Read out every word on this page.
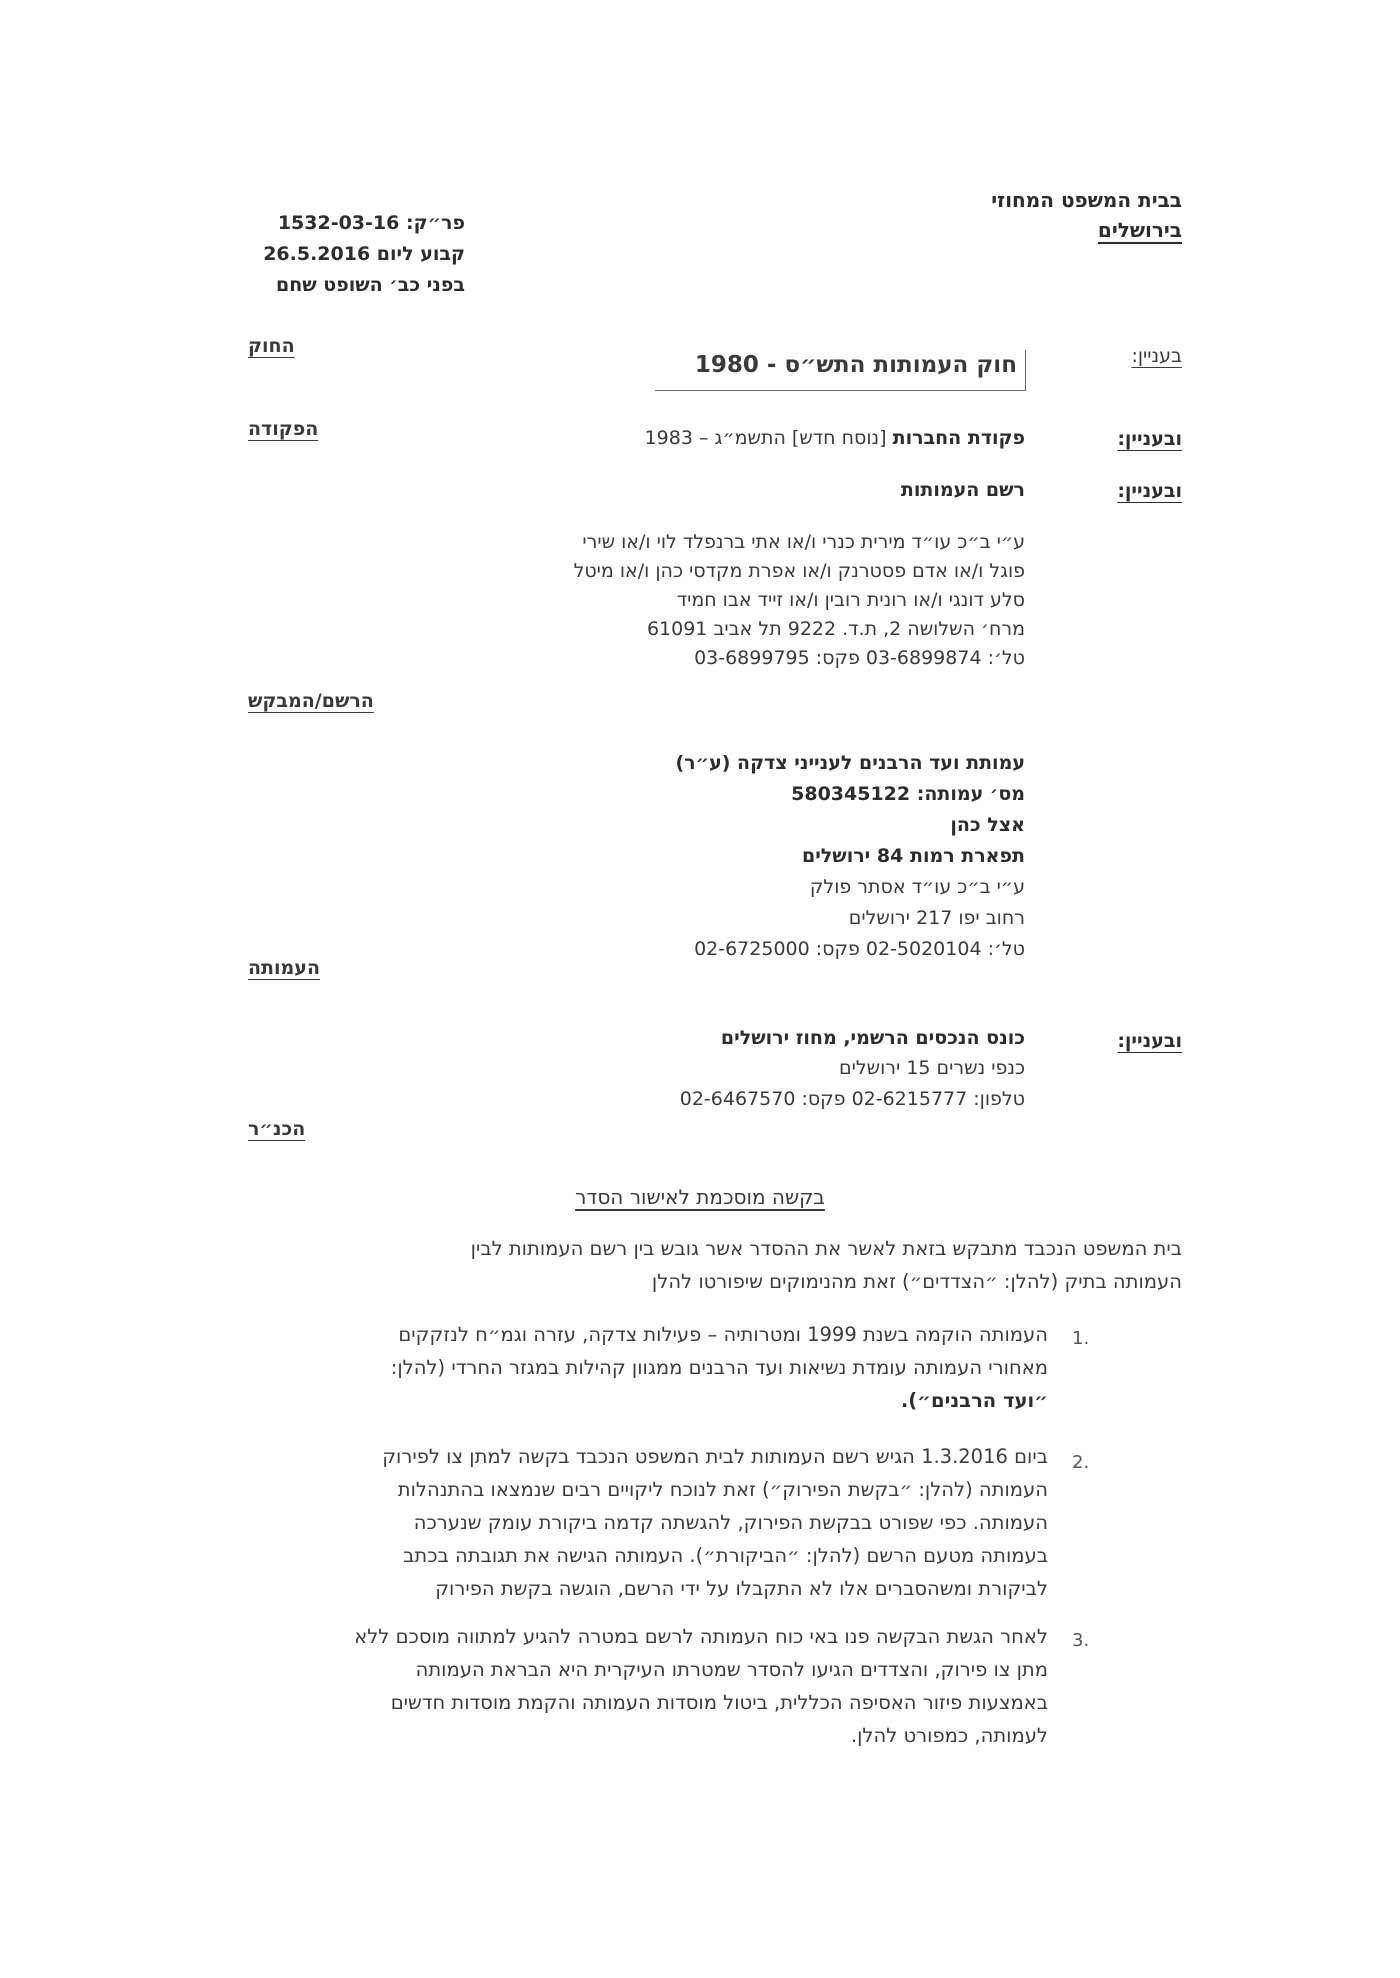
בבית המשפט המחוזי
בירושלים
פר״ק: 1532-03-16
קבוע ליום 26.5.2016
בפני כב׳ השופט שחם
בעניין:
חוק העמותות התש״ס - 1980
החוק
ובעניין:
פקודת החברות [נוסח חדש] התשמ״ג – 1983
הפקודה
ובעניין:
רשם העמותות
ע״י ב״כ עו״ד מירית כנרי ו/או אתי ברנפלד לוי ו/או שירי
פוגל ו/או אדם פסטרנק ו/או אפרת מקדסי כהן ו/או מיטל
סלע דונגי ו/או רונית רובין ו/או זייד אבו חמיד
מרח׳ השלושה 2, ת.ד. 9222 תל אביב 61091
טל׳: 03-6899874 פקס: 03-6899795
הרשם/המבקש
עמותת ועד הרבנים לענייני צדקה (ע״ר)
מס׳ עמותה: 580345122
אצל כהן
תפארת רמות 84 ירושלים
ע״י ב״כ עו״ד אסתר פולק
רחוב יפו 217 ירושלים
טל׳: 02-5020104 פקס: 02-6725000
העמותה
ובעניין:
כונס הנכסים הרשמי, מחוז ירושלים
כנפי נשרים 15 ירושלים
טלפון: 02-6215777 פקס: 02-6467570
הכנ״ר
בקשה מוסכמת לאישור הסדר
בית המשפט הנכבד מתבקש בזאת לאשר את ההסדר אשר גובש בין רשם העמותות לבין
העמותה בתיק (להלן: ״הצדדים״) זאת מהנימוקים שיפורטו להלן
1.
העמותה הוקמה בשנת 1999 ומטרותיה – פעילות צדקה, עזרה וגמ״ח לנזקקים
מאחורי העמותה עומדת נשיאות ועד הרבנים ממגוון קהילות במגזר החרדי (להלן:
״ועד הרבנים״).
2.
ביום 1.3.2016 הגיש רשם העמותות לבית המשפט הנכבד בקשה למתן צו לפירוק
העמותה (להלן: ״בקשת הפירוק״) זאת לנוכח ליקויים רבים שנמצאו בהתנהלות
העמותה. כפי שפורט בבקשת הפירוק, להגשתה קדמה ביקורת עומק שנערכה
בעמותה מטעם הרשם (להלן: ״הביקורת״). העמותה הגישה את תגובתה בכתב
לביקורת ומשהסברים אלו לא התקבלו על ידי הרשם, הוגשה בקשת הפירוק
3.
לאחר הגשת הבקשה פנו באי כוח העמותה לרשם במטרה להגיע למתווה מוסכם ללא
מתן צו פירוק, והצדדים הגיעו להסדר שמטרתו העיקרית היא הבראת העמותה
באמצעות פיזור האסיפה הכללית, ביטול מוסדות העמותה והקמת מוסדות חדשים
לעמותה, כמפורט להלן.
